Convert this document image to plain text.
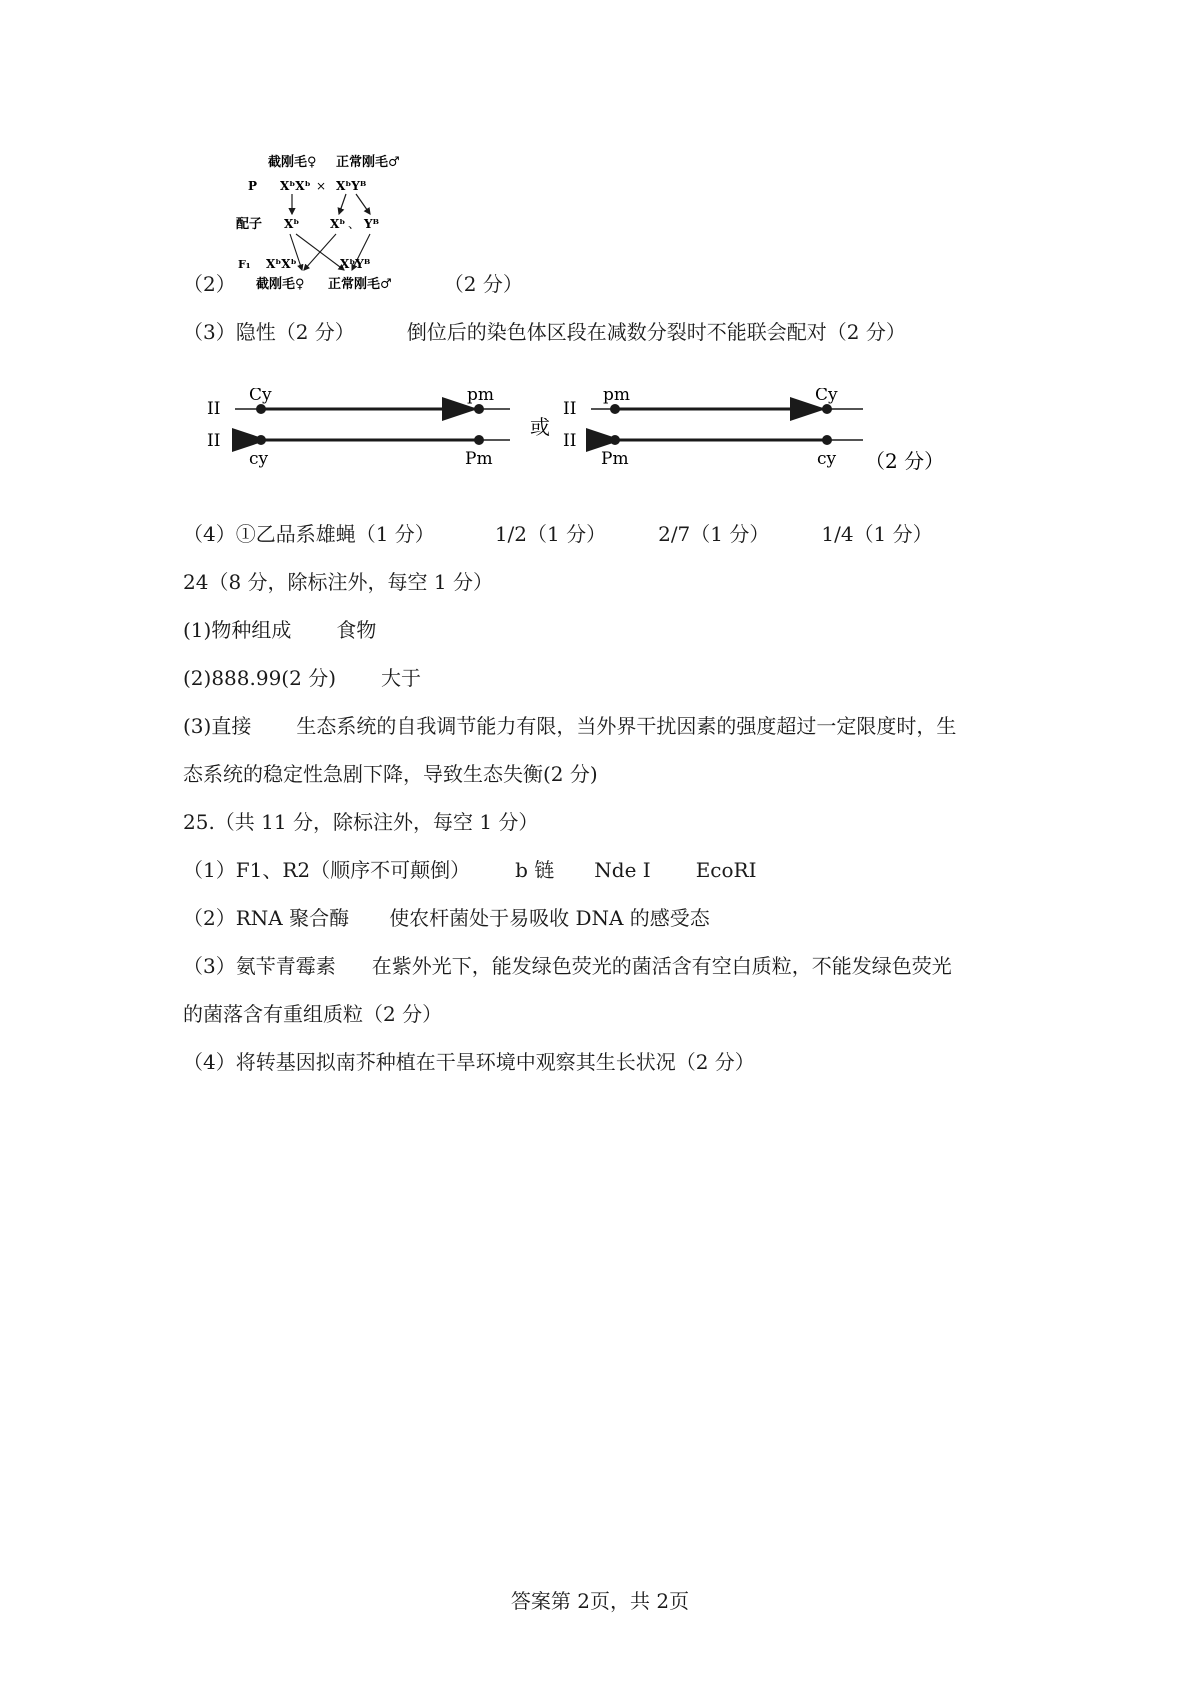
截刚毛♀ 正常刚毛♂
P XᵇXᵇ × XᵇYᴮ
配子 Xᵇ	Xᵇ 、 Yᴮ
F₁ XᵇXᵇ	XᵇYᴮ
截刚毛♀ 正常刚毛♂
（2）	（2 分）
（3）隐性（2 分）	倒位后的染色体区段在减数分裂时不能联会配对（2 分）
II
II
Cy	pm
cy	Pm
或
II
II
pm	Cy
Pm	cy （2 分）
（4）①乙品系雄蝇（1 分）	1/2（1 分）	2/7（1 分）	1/4（1 分）
24（8 分，除标注外，每空 1 分）
(1)物种组成 食物
(2)888.99(2 分) 大于
(3)直接 生态系统的自我调节能力有限，当外界干扰因素的强度超过一定限度时，生
态系统的稳定性急剧下降，导致生态失衡(2 分)
25.（共 11 分，除标注外，每空 1 分）
（1）F1、R2（顺序不可颠倒） b 链 Nde I EcoRI
（2）RNA 聚合酶 使农杆菌处于易吸收 DNA 的感受态
（3）氨苄青霉素 在紫外光下，能发绿色荧光的菌活含有空白质粒，不能发绿色荧光
的菌落含有重组质粒（2 分）
（4）将转基因拟南芥种植在干旱环境中观察其生长状况（2 分）
答案第 2页，共 2页
